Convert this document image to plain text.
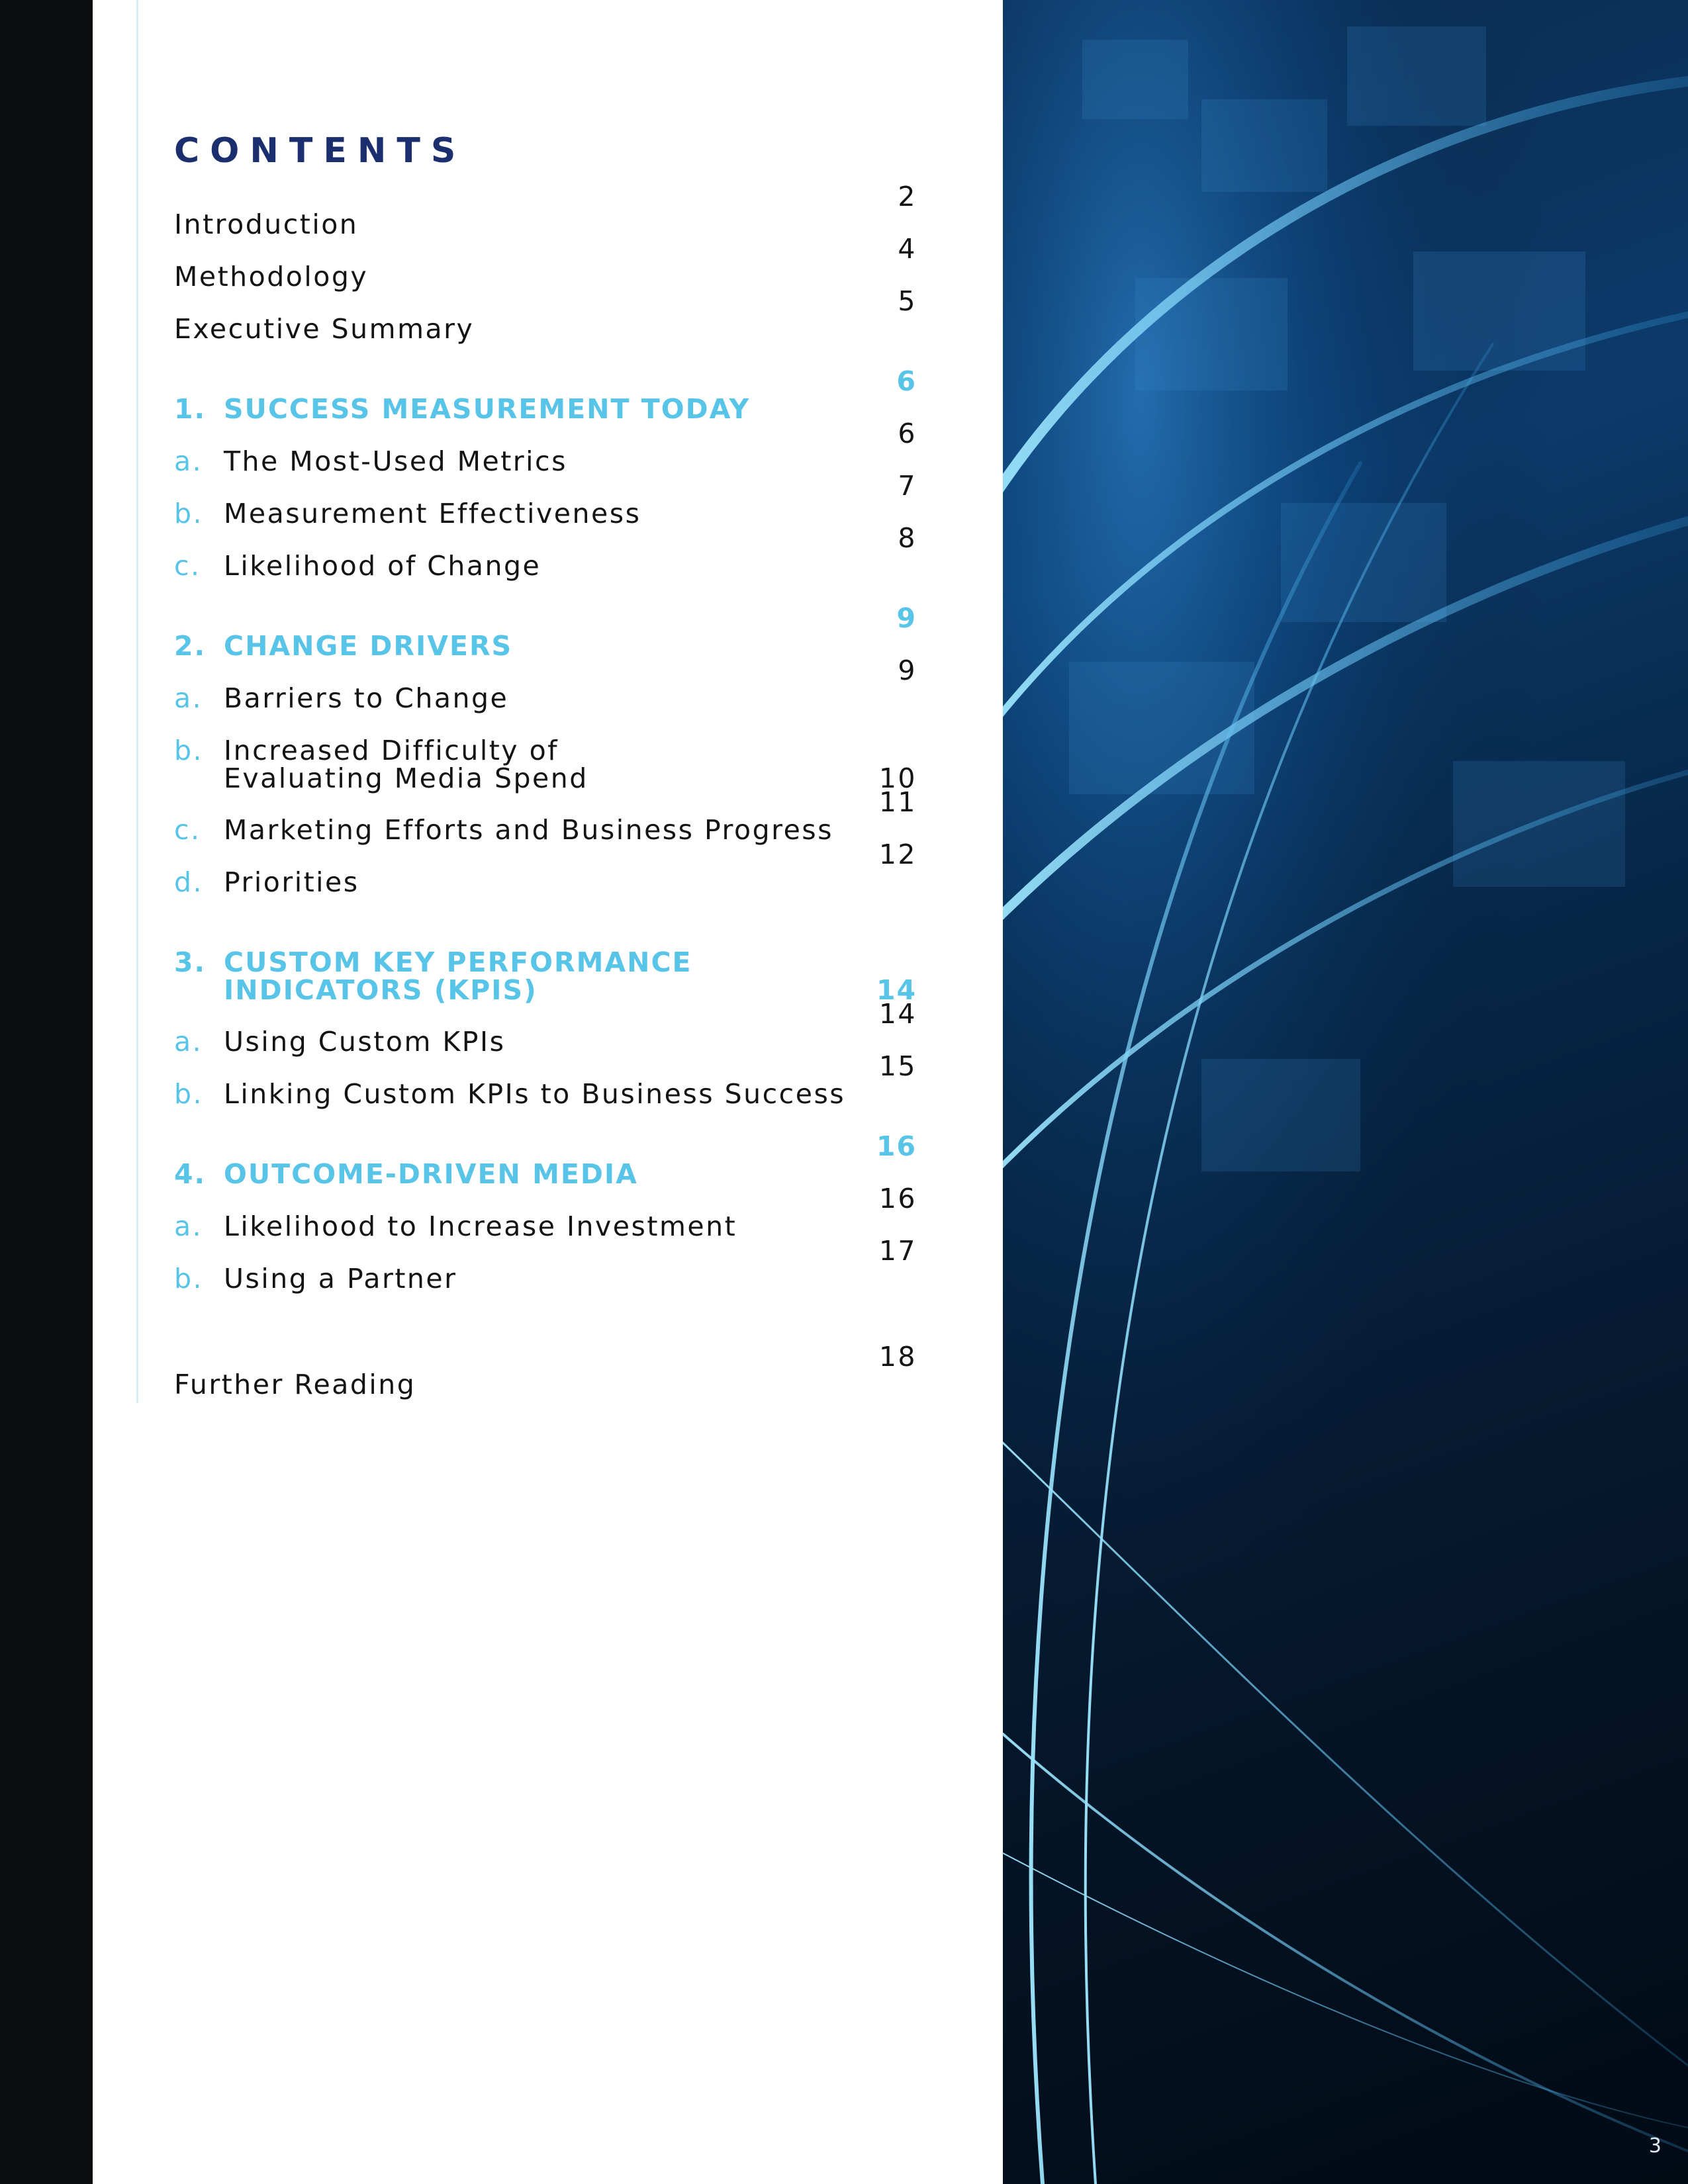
CONTENTS
Introduction
2
Methodology
4
Executive Summary
5
1. SUCCESS MEASUREMENT TODAY
6
a. The Most-Used Metrics
6
b. Measurement Effectiveness
7
c. Likelihood of Change
8
2. CHANGE DRIVERS
9
a. Barriers to Change
9
b. Increased Difficulty of
Evaluating Media Spend	10
c. Marketing Efforts and Business Progress
11
d. Priorities
12
3. CUSTOM KEY PERFORMANCE
INDICATORS (KPIS)	14
a. Using Custom KPIs
14
b. Linking Custom KPIs to Business Success
15
4. OUTCOME-DRIVEN MEDIA
16
a. Likelihood to Increase Investment
16
b. Using a Partner
17
Further Reading
18
3
